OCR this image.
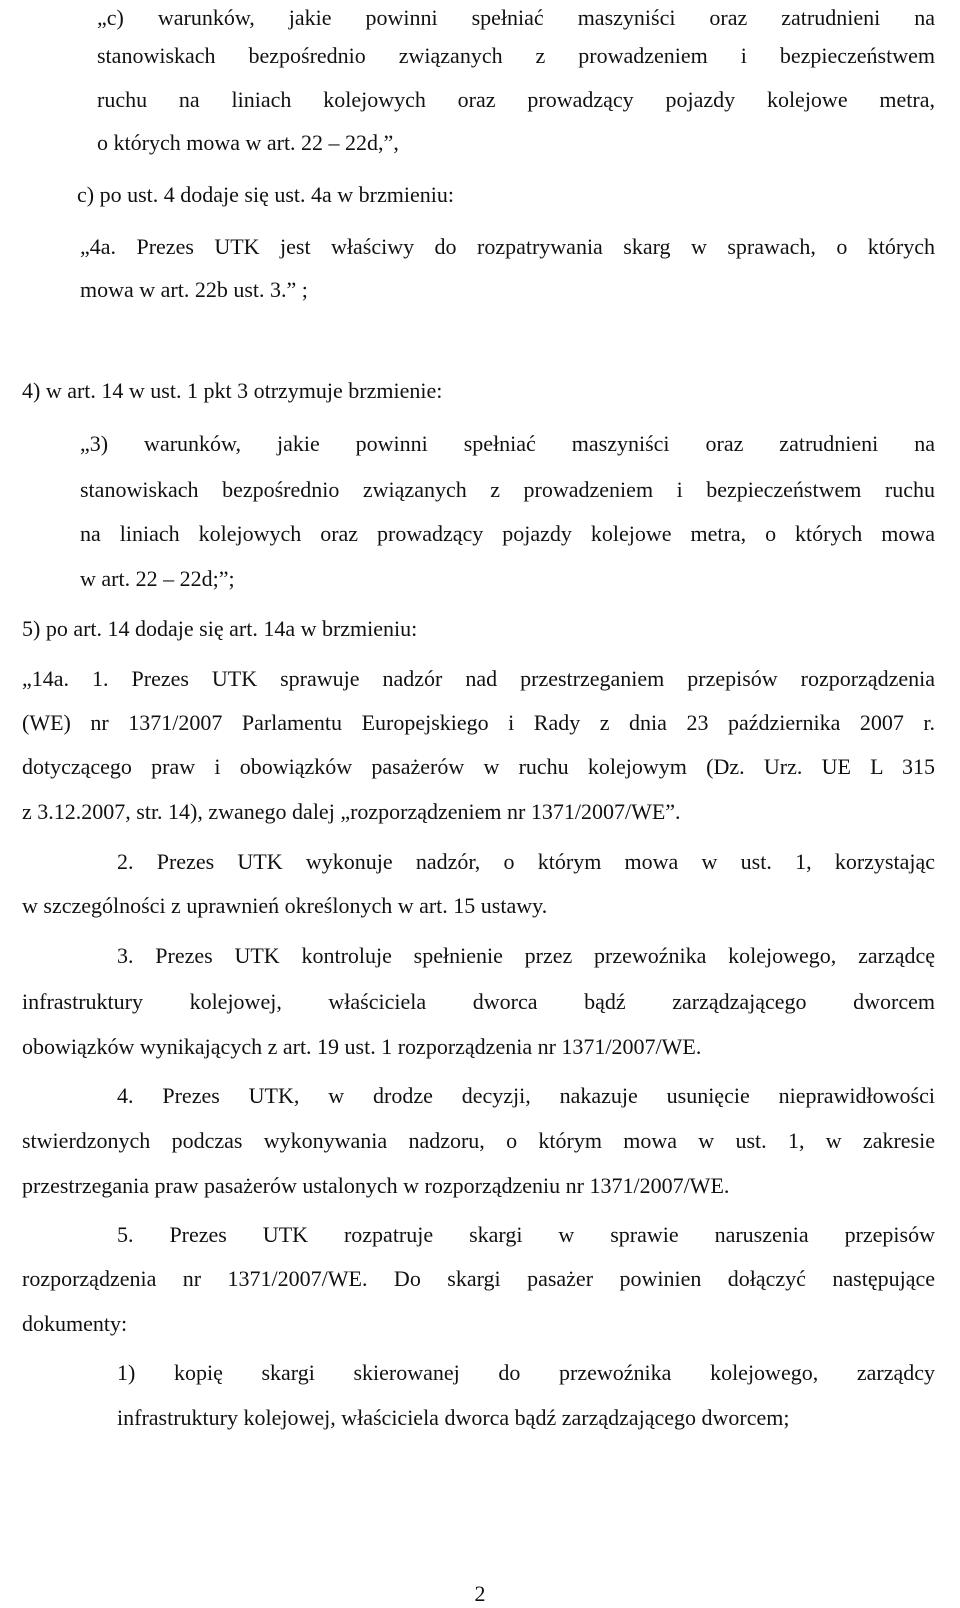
„c) warunków, jakie powinni spełniać maszyniści oraz zatrudnieni na
stanowiskach bezpośrednio związanych z prowadzeniem i bezpieczeństwem
ruchu na liniach kolejowych oraz prowadzący pojazdy kolejowe metra,
o których mowa w art. 22 – 22d,”,
c) po ust. 4 dodaje się ust. 4a w brzmieniu:
„4a. Prezes UTK jest właściwy do rozpatrywania skarg w sprawach, o których
mowa w art. 22b ust. 3.” ;
4) w art. 14 w ust. 1 pkt 3 otrzymuje brzmienie:
„3) warunków, jakie powinni spełniać maszyniści oraz zatrudnieni na
stanowiskach bezpośrednio związanych z prowadzeniem i bezpieczeństwem ruchu
na liniach kolejowych oraz prowadzący pojazdy kolejowe metra, o których mowa
w art. 22 – 22d;”;
5) po art. 14 dodaje się art. 14a w brzmieniu:
„14a. 1. Prezes UTK sprawuje nadzór nad przestrzeganiem przepisów rozporządzenia
(WE) nr 1371/2007 Parlamentu Europejskiego i Rady z dnia 23 października 2007 r.
dotyczącego praw i obowiązków pasażerów w ruchu kolejowym (Dz. Urz. UE L 315
z 3.12.2007, str. 14), zwanego dalej „rozporządzeniem nr 1371/2007/WE”.
2. Prezes UTK wykonuje nadzór, o którym mowa w ust. 1, korzystając
w szczególności z uprawnień określonych w art. 15 ustawy.
3. Prezes UTK kontroluje spełnienie przez przewoźnika kolejowego, zarządcę
infrastruktury kolejowej, właściciela dworca bądź zarządzającego dworcem
obowiązków wynikających z art. 19 ust. 1 rozporządzenia nr 1371/2007/WE.
4. Prezes UTK, w drodze decyzji, nakazuje usunięcie nieprawidłowości
stwierdzonych podczas wykonywania nadzoru, o którym mowa w ust. 1, w zakresie
przestrzegania praw pasażerów ustalonych w rozporządzeniu nr 1371/2007/WE.
5. Prezes UTK rozpatruje skargi w sprawie naruszenia przepisów
rozporządzenia nr 1371/2007/WE. Do skargi pasażer powinien dołączyć następujące
dokumenty:
1) kopię skargi skierowanej do przewoźnika kolejowego, zarządcy
infrastruktury kolejowej, właściciela dworca bądź zarządzającego dworcem;
2
